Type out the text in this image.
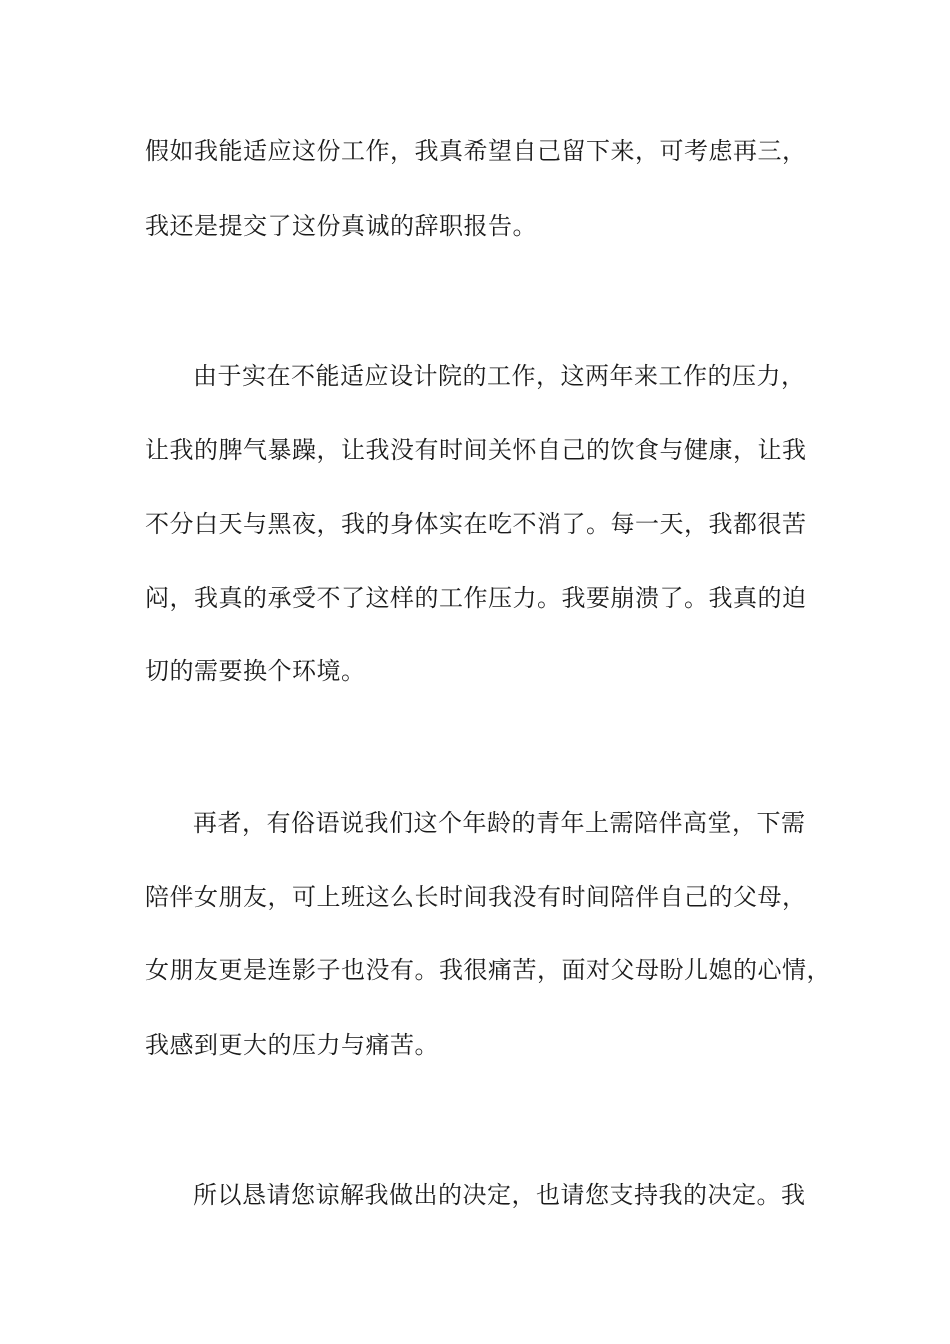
假如我能适应这份工作，我真希望自己留下来，可考虑再三，
我还是提交了这份真诚的辞职报告。
由于实在不能适应设计院的工作，这两年来工作的压力，
让我的脾气暴躁，让我没有时间关怀自己的饮食与健康，让我
不分白天与黑夜，我的身体实在吃不消了。每一天，我都很苦
闷，我真的承受不了这样的工作压力。我要崩溃了。我真的迫
切的需要换个环境。
再者，有俗语说我们这个年龄的青年上需陪伴高堂，下需
陪伴女朋友，可上班这么长时间我没有时间陪伴自己的父母，
女朋友更是连影子也没有。我很痛苦，面对父母盼儿媳的心情，
我感到更大的压力与痛苦。
所以恳请您谅解我做出的决定，也请您支持我的决定。我
